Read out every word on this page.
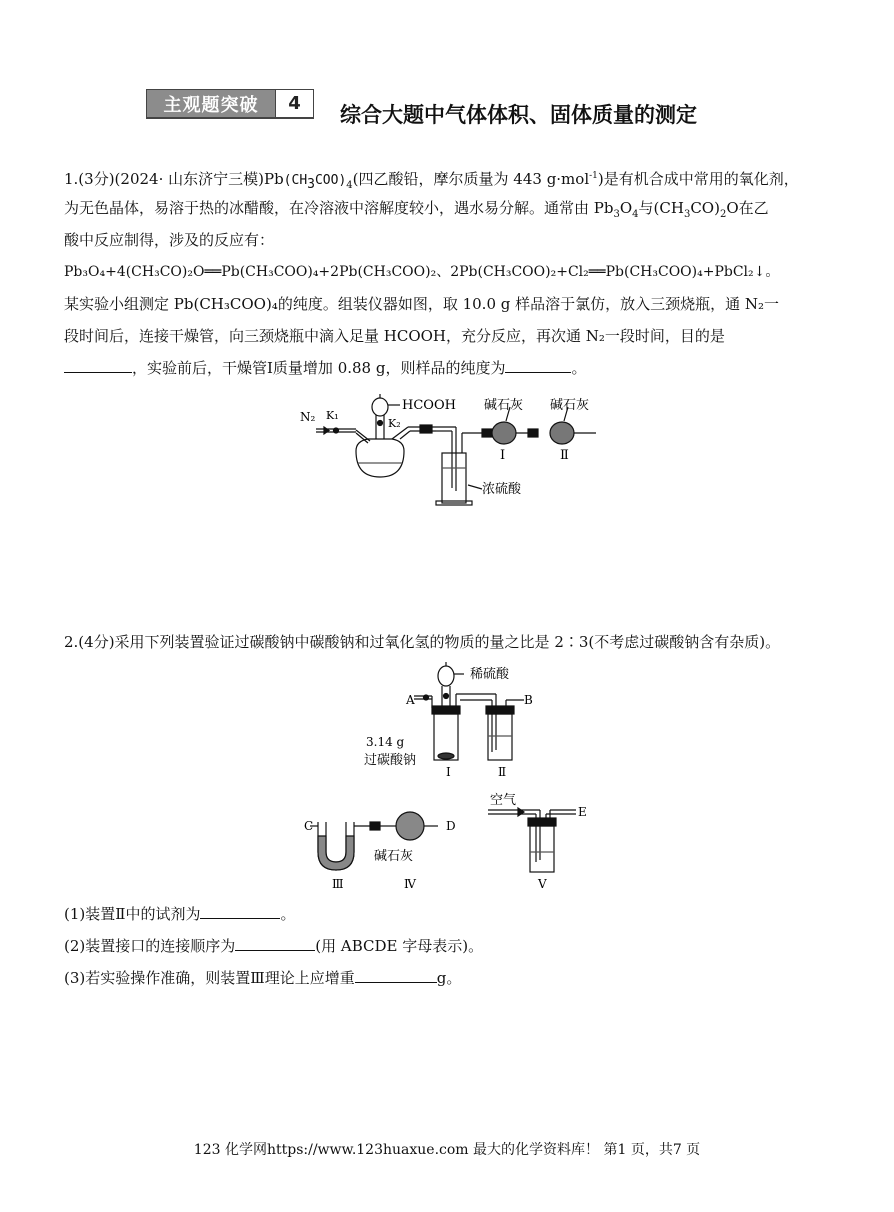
主观题突破	4	综合大题中气体体积、固体质量的测定
1.(3分)(2024· 山东济宁三模)$Pb(CH_3COO)_4$(四乙酸铅，摩尔质量为 443 g·mol$^{-1}$)是有机合成中常用的氧化剂，
为无色晶体，易溶于热的冰醋酸，在冷溶液中溶解度较小，遇水易分解。通常由 $Pb_3O_4$与$(CH_3CO)_2O$在乙
酸中反应制得，涉及的反应有：
Pb₃O₄+4(CH₃CO)₂O══Pb(CH₃COO)₄+2Pb(CH₃COO)₂、2Pb(CH₃COO)₂+Cl₂══Pb(CH₃COO)₄+PbCl₂↓。
某实验小组测定 Pb(CH₃COO)₄的纯度。组装仪器如图，取 10.0 g 样品溶于氯仿，放入三颈烧瓶，通 N₂一
段时间后，连接干燥管，向三颈烧瓶中滴入足量 HCOOH，充分反应，再次通 N₂一段时间，目的是
，实验前后，干燥管Ⅰ质量增加 0.88 g，则样品的纯度为	。
N₂ K₁
K₂
HCOOH 碱石灰 碱石灰
浓硫酸
Ⅰ	Ⅱ
2.(4分)采用下列装置验证过碳酸钠中碳酸钠和过氧化氢的物质的量之比是 2∶3(不考虑过碳酸钠含有杂质)。
稀硫酸
A	B
3.14 g
过碳酸钠
Ⅰ	Ⅱ
C	D
碱石灰
Ⅲ	Ⅳ
空气
E
Ⅴ
(1)装置Ⅱ中的试剂为	。
(2)装置接口的连接顺序为	(用 ABCDE 字母表示)。
(3)若实验操作准确，则装置Ⅲ理论上应增重	g。
123 化学网https://www.123huaxue.com 最大的化学资料库！ 第1 页，共7 页
